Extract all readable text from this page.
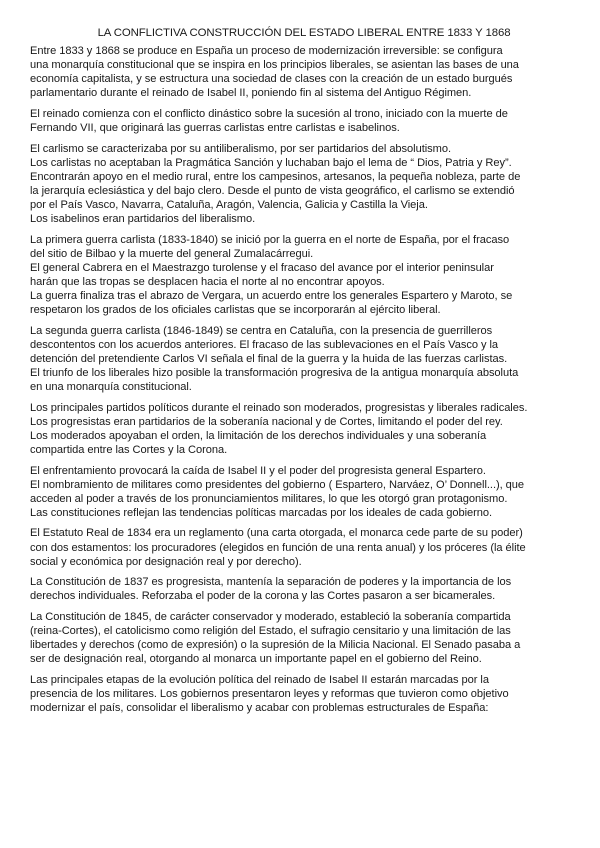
LA CONFLICTIVA CONSTRUCCIÓN DEL ESTADO LIBERAL ENTRE 1833 Y 1868
Entre 1833 y 1868 se produce en España un proceso de modernización irreversible: se configura
una monarquía constitucional que se inspira en los principios liberales, se asientan las bases de una
economía capitalista, y se estructura una sociedad de clases con la creación de un estado burgués
parlamentario durante el reinado de Isabel II, poniendo fin al sistema del Antiguo Régimen.
El reinado comienza con el conflicto dinástico sobre la sucesión al trono, iniciado con la muerte de
Fernando VII, que originará las guerras carlistas entre carlistas e isabelinos.
El carlismo se caracterizaba por su antiliberalismo, por ser partidarios del absolutismo.
Los carlistas no aceptaban la Pragmática Sanción y luchaban bajo el lema de “ Dios, Patria y Rey”.
Encontrarán apoyo en el medio rural, entre los campesinos, artesanos, la pequeña nobleza, parte de
la jerarquía eclesiástica y del bajo clero. Desde el punto de vista geográfico, el carlismo se extendió
por el País Vasco, Navarra, Cataluña, Aragón, Valencia, Galicia y Castilla la Vieja.
Los isabelinos eran partidarios del liberalismo.
La primera guerra carlista (1833-1840) se inició por la guerra en el norte de España, por el fracaso
del sitio de Bilbao y la muerte del general Zumalacárregui.
El general Cabrera en el Maestrazgo turolense y el fracaso del avance por el interior peninsular
harán que las tropas se desplacen hacia el norte al no encontrar apoyos.
La guerra finaliza tras el abrazo de Vergara, un acuerdo entre los generales Espartero y Maroto, se
respetaron los grados de los oficiales carlistas que se incorporarán al ejército liberal.
La segunda guerra carlista (1846-1849) se centra en Cataluña, con la presencia de guerrilleros
descontentos con los acuerdos anteriores. El fracaso de las sublevaciones en el País Vasco y la
detención del pretendiente Carlos VI señala el final de la guerra y la huida de las fuerzas carlistas.
El triunfo de los liberales hizo posible la transformación progresiva de la antigua monarquía absoluta
en una monarquía constitucional.
Los principales partidos políticos durante el reinado son moderados, progresistas y liberales radicales.
Los progresistas eran partidarios de la soberanía nacional y de Cortes, limitando el poder del rey.
Los moderados apoyaban el orden, la limitación de los derechos individuales y una soberanía
compartida entre las Cortes y la Corona.
El enfrentamiento provocará la caída de Isabel II y el poder del progresista general Espartero.
El nombramiento de militares como presidentes del gobierno ( Espartero, Narváez, O’ Donnell...), que
acceden al poder a través de los pronunciamientos militares, lo que les otorgó gran protagonismo.
Las constituciones reflejan las tendencias políticas marcadas por los ideales de cada gobierno.
El Estatuto Real de 1834 era un reglamento (una carta otorgada, el monarca cede parte de su poder)
con dos estamentos: los procuradores (elegidos en función de una renta anual) y los próceres (la élite
social y económica por designación real y por derecho).
La Constitución de 1837 es progresista, mantenía la separación de poderes y la importancia de los
derechos individuales. Reforzaba el poder de la corona y las Cortes pasaron a ser bicamerales.
La Constitución de 1845, de carácter conservador y moderado, estableció la soberanía compartida
(reina-Cortes), el catolicismo como religión del Estado, el sufragio censitario y una limitación de las
libertades y derechos (como de expresión) o la supresión de la Milicia Nacional. El Senado pasaba a
ser de designación real, otorgando al monarca un importante papel en el gobierno del Reino.
Las principales etapas de la evolución política del reinado de Isabel II estarán marcadas por la
presencia de los militares. Los gobiernos presentaron leyes y reformas que tuvieron como objetivo
modernizar el país, consolidar el liberalismo y acabar con problemas estructurales de España:
